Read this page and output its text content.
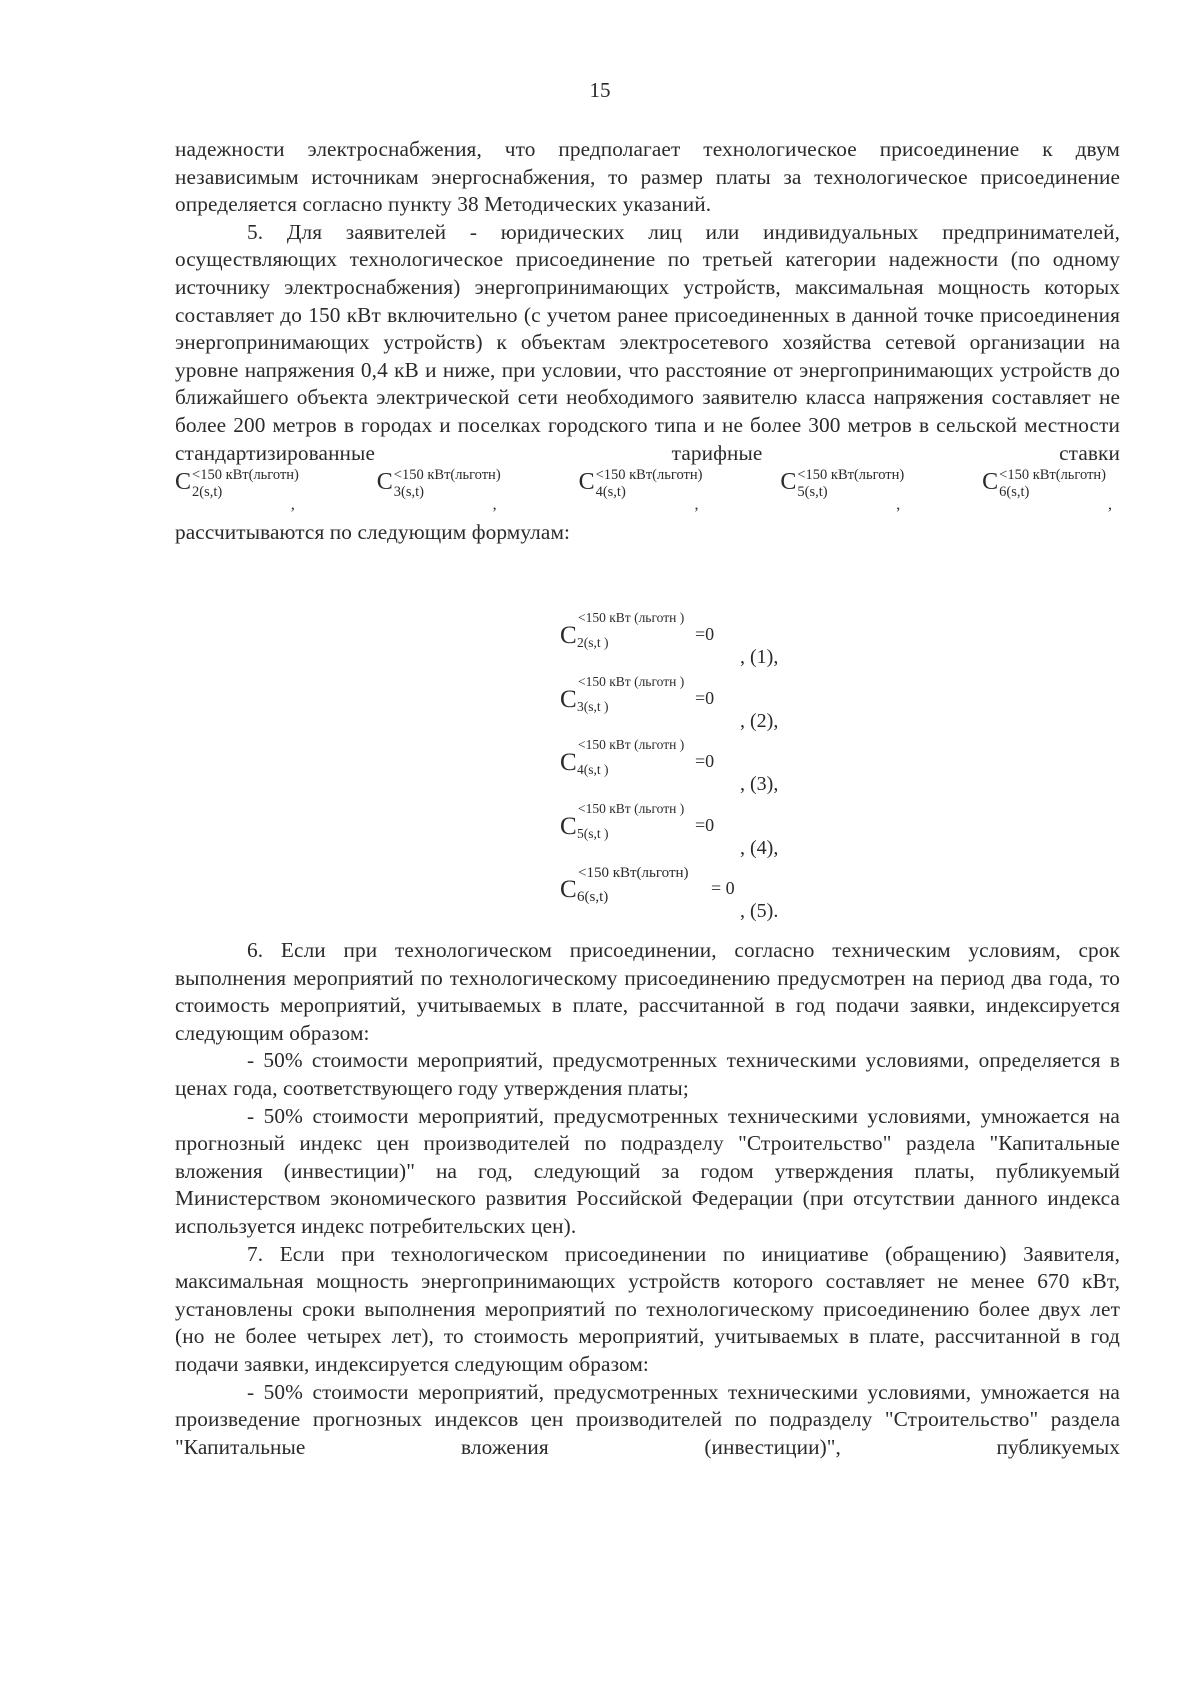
15

надежности электроснабжения, что предполагает технологическое присоединение к двум независимым источникам энергоснабжения, то размер платы за технологическое присоединение определяется согласно пункту 38 Методических указаний.

5. Для заявителей - юридических лиц или индивидуальных предпринимателей, осуществляющих технологическое присоединение по третьей категории надежности (по одному источнику электроснабжения) энергопринимающих устройств, максимальная мощность которых составляет до 150 кВт включительно (с учетом ранее присоединенных в данной точке присоединения энергопринимающих устройств) к объектам электросетевого хозяйства сетевой организации на уровне напряжения 0,4 кВ и ниже, при условии, что расстояние от энергопринимающих устройств до ближайшего объекта электрической сети необходимого заявителю класса напряжения составляет не более 200 метров в городах и поселках городского типа и не более 300 метров в сельской местности стандартизированные тарифные ставки

C <150 кВт(льготн)
2(s,t)
,
C <150 кВт(льготн)
3(s,t)
,
C <150 кВт(льготн)
4(s,t)
,
C <150 кВт(льготн)
5(s,t)
,
C <150 кВт(льготн)
6(s,t)
,

рассчитываются по следующим формулам:

C
<150 кВт (льготн )
2(s,t )	=0
, (1),
C
<150 кВт (льготн )
3(s,t )	=0
, (2),
C
<150 кВт (льготн )
4(s,t )	=0
, (3),
C
<150 кВт (льготн )
5(s,t )	=0
, (4),
C
<150 кВт(льготн)
6(s,t)	= 0
, (5).

6. Если при технологическом присоединении, согласно техническим условиям, срок выполнения мероприятий по технологическому присоединению предусмотрен на период два года, то стоимость мероприятий, учитываемых в плате, рассчитанной в год подачи заявки, индексируется следующим образом:

- 50% стоимости мероприятий, предусмотренных техническими условиями, определяется в ценах года, соответствующего году утверждения платы;

- 50% стоимости мероприятий, предусмотренных техническими условиями, умножается на прогнозный индекс цен производителей по подразделу "Строительство" раздела "Капитальные вложения (инвестиции)" на год, следующий за годом утверждения платы, публикуемый Министерством экономического развития Российской Федерации (при отсутствии данного индекса используется индекс потребительских цен).

7. Если при технологическом присоединении по инициативе (обращению) Заявителя, максимальная мощность энергопринимающих устройств которого составляет не менее 670 кВт, установлены сроки выполнения мероприятий по технологическому присоединению более двух лет (но не более четырех лет), то стоимость мероприятий, учитываемых в плате, рассчитанной в год подачи заявки, индексируется следующим образом:

- 50% стоимости мероприятий, предусмотренных техническими условиями, умножается на произведение прогнозных индексов цен производителей по подразделу "Строительство" раздела "Капитальные вложения (инвестиции)", публикуемых
